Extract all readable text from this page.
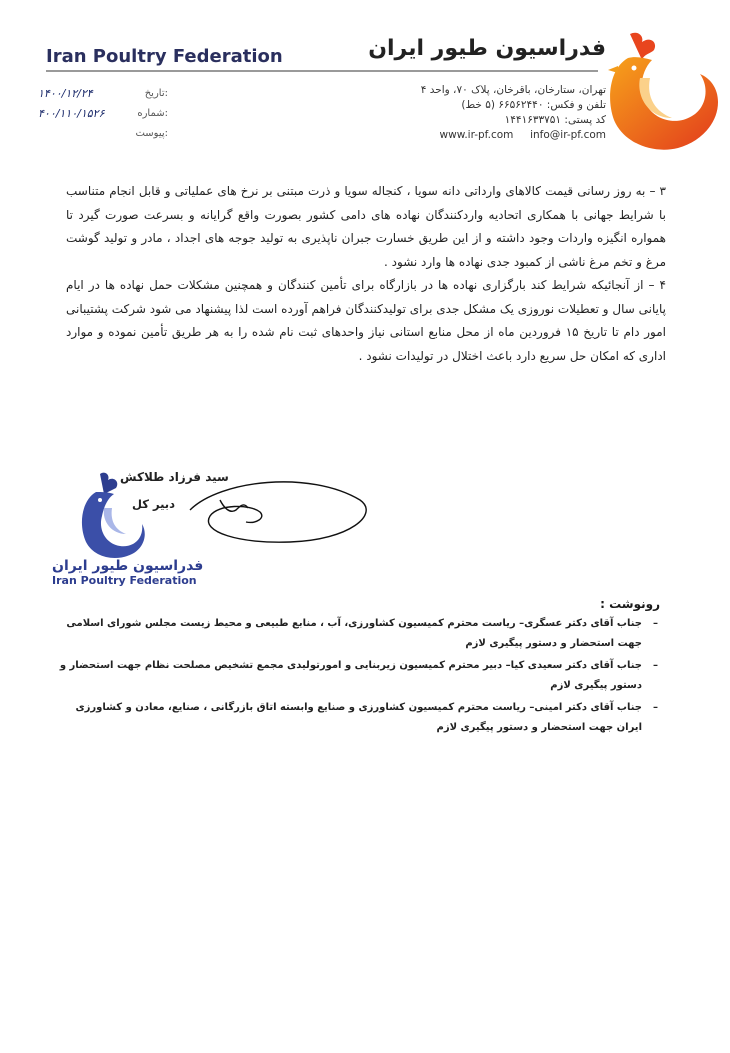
فدراسیون طیور ایران
Iran Poultry Federation
تهران، ستارخان، باقرخان، پلاک ۷۰، واحد ۴
تلفن و فکس: ۶۶۵۶۲۴۴۰ (۵ خط)
کد پستی: ۱۴۴۱۶۳۳۷۵۱
www.ir-pf.com info@ir-pf.com
۱۴۰۰/۱۲/۲۴	تاریخ:
۴۰۰/۱۱۰/۱۵۲۶	شماره:
پیوست:

۳ – به روز رسانی قیمت کالاهای وارداتی دانه سویا ، کنجاله سویا و ذرت مبتنی بر نرخ های عملیاتی و قابل انجام متناسب با شرایط جهانی با همکاری اتحادیه واردکنندگان نهاده های دامی کشور بصورت واقع گرایانه و بسرعت صورت گیرد تا همواره انگیزه واردات وجود داشته و از این طریق خسارت جبران ناپذیری به تولید جوجه های اجداد ، مادر و تولید گوشت مرغ و تخم مرغ ناشی از کمبود جدی نهاده ها وارد نشود .

۴ – از آنجائیکه شرایط کند بارگزاری نهاده ها در بازارگاه برای تأمین کنندگان و همچنین مشکلات حمل نهاده ها در ایام پایانی سال و تعطیلات نوروزی یک مشکل جدی برای تولیدکنندگان فراهم آورده است لذا پیشنهاد می شود شرکت پشتیبانی امور دام تا تاریخ ۱۵ فروردین ماه از محل منابع استانی نیاز واحدهای ثبت نام شده را به هر طریق تأمین نموده و موارد اداری که امکان حل سریع دارد باعث اختلال در تولیدات نشود .

سید فرزاد طلاکش
دبیر کل
فدراسیون طیور ایران
Iran Poultry Federation
رونوشت :
–
جناب آقای دکتر عسگری– ریاست محترم کمیسیون کشاورزی، آب ، منابع طبیعی و محیط زیست مجلس شورای اسلامی جهت استحضار و دستور پیگیری لازم
–
جناب آقای دکتر سعیدی کیا– دبیر محترم کمیسیون زیربنایی و امورتولیدی مجمع تشخیص مصلحت نظام جهت استحضار و دستور پیگیری لازم
–
جناب آقای دکتر امینی– ریاست محترم کمیسیون کشاورزی و صنایع وابسته اتاق بازرگانی ، صنایع، معادن و کشاورزی ایران جهت استحضار و دستور پیگیری لازم
